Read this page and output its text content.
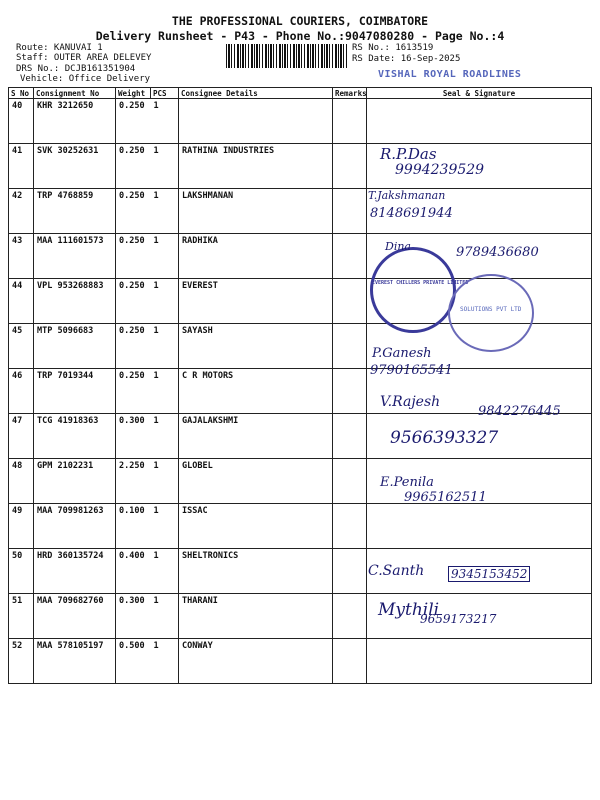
THE PROFESSIONAL COURIERS, COIMBATORE
Delivery Runsheet - P43 - Phone No.:9047080280 - Page No.:4
Route: KANUVAI 1
Staff: OUTER AREA DELEVEY
DRS No.: DCJB161351904
Vehicle: Office Delivery
RS No.: 1613519
RS Date: 16-Sep-2025
S No	Consignment No	Weight	PCS	Consignee Details	Remarks	Seal & Signature
40	KHR 3212650	0.250	1			
41	SVK 30252631	0.250	1	RATHINA INDUSTRIES		
42	TRP 4768859	0.250	1	LAKSHMANAN		
43	MAA 111601573	0.250	1	RADHIKA		
44	VPL 953268883	0.250	1	EVEREST		
45	MTP 5096683	0.250	1	SAYASH		
46	TRP 7019344	0.250	1	C R MOTORS		
47	TCG 41918363	0.300	1	GAJALAKSHMI		
48	GPM 2102231	2.250	1	GLOBEL		
49	MAA 709981263	0.100	1	ISSAC		
50	HRD 360135724	0.400	1	SHELTRONICS		
51	MAA 709682760	0.300	1	THARANI		
52	MAA 578105197	0.500	1	CONWAY		
VISHAL ROYAL ROADLINES
EVEREST CHILLERS PRIVATE LIMITED
SOLUTIONS PVT LTD
R.P.Das
9994239529
T.Jakshmanan
8148691944
Dina	9789436680
P.Ganesh
9790165541
V.Rajesh
9842276445
9566393327
E.Penila
9965162511
C.Santh 9345153452
Mythili
9659173217
